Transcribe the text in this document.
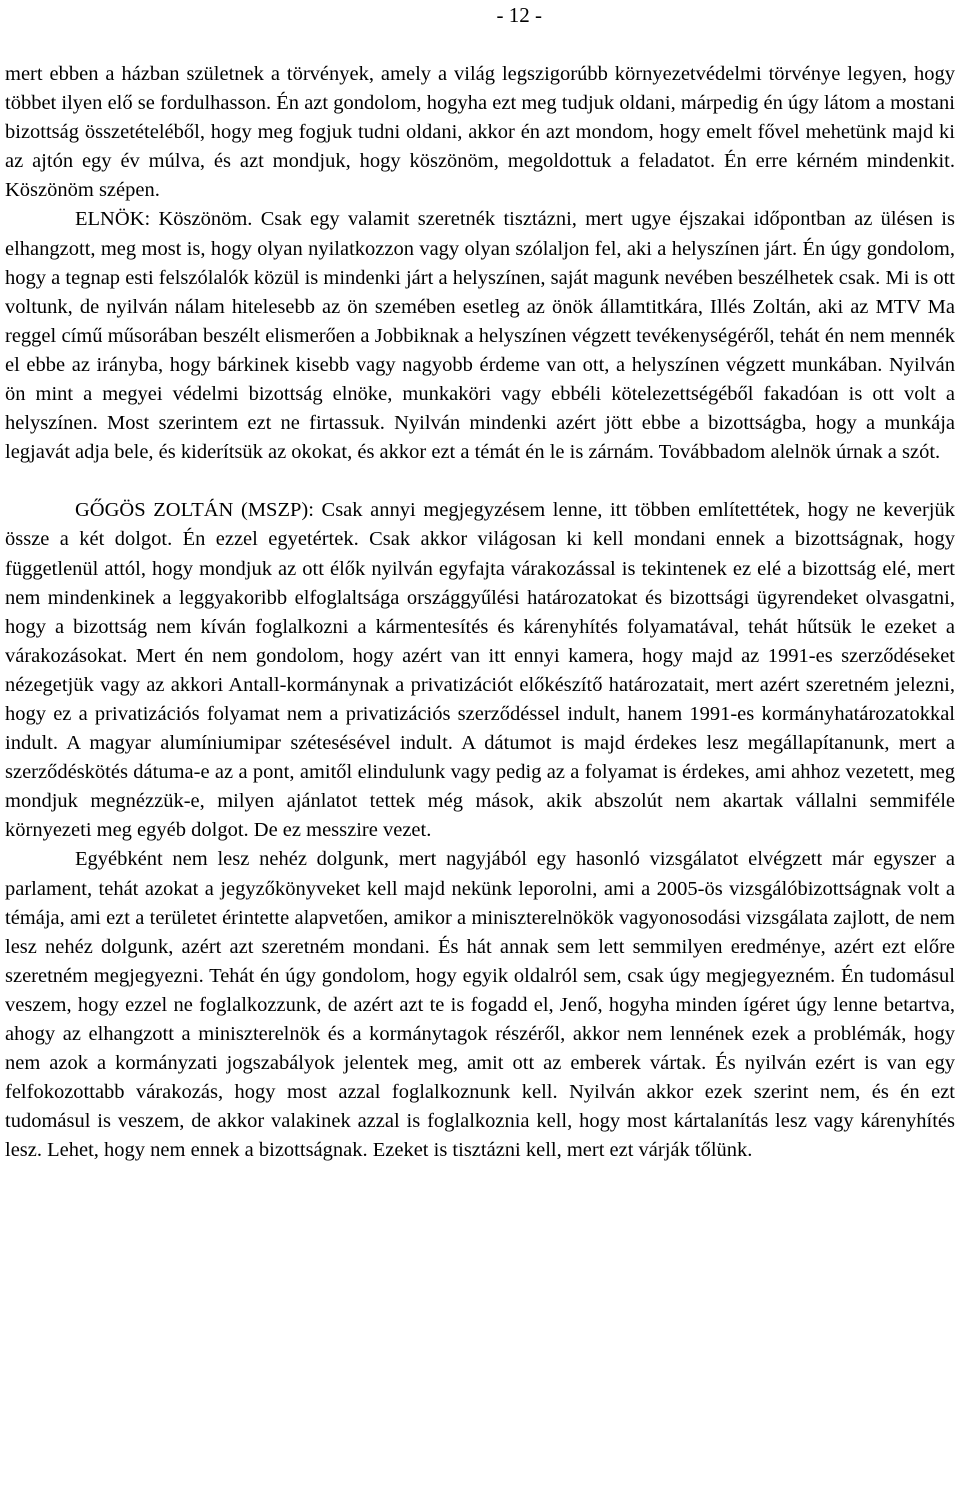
- 12 -

mert ebben a házban születnek a törvények, amely a világ legszigorúbb környezetvédelmi törvénye legyen, hogy többet ilyen elő se fordulhasson. Én azt gondolom, hogyha ezt meg tudjuk oldani, márpedig én úgy látom a mostani bizottság összetételéből, hogy meg fogjuk tudni oldani, akkor én azt mondom, hogy emelt fővel mehetünk majd ki az ajtón egy év múlva, és azt mondjuk, hogy köszönöm, megoldottuk a feladatot. Én erre kérném mindenkit. Köszönöm szépen.

ELNÖK: Köszönöm. Csak egy valamit szeretnék tisztázni, mert ugye éjszakai időpontban az ülésen is elhangzott, meg most is, hogy olyan nyilatkozzon vagy olyan szólaljon fel, aki a helyszínen járt. Én úgy gondolom, hogy a tegnap esti felszólalók közül is mindenki járt a helyszínen, saját magunk nevében beszélhetek csak. Mi is ott voltunk, de nyilván nálam hitelesebb az ön szemében esetleg az önök államtitkára, Illés Zoltán, aki az MTV Ma reggel című műsorában beszélt elismerően a Jobbiknak a helyszínen végzett tevékenységéről, tehát én nem mennék el ebbe az irányba, hogy bárkinek kisebb vagy nagyobb érdeme van ott, a helyszínen végzett munkában. Nyilván ön mint a megyei védelmi bizottság elnöke, munkaköri vagy ebbéli kötelezettségéből fakadóan is ott volt a helyszínen. Most szerintem ezt ne firtassuk. Nyilván mindenki azért jött ebbe a bizottságba, hogy a munkája legjavát adja bele, és kiderítsük az okokat, és akkor ezt a témát én le is zárnám. Továbbadom alelnök úrnak a szót.

GŐGÖS ZOLTÁN (MSZP): Csak annyi megjegyzésem lenne, itt többen említettétek, hogy ne keverjük össze a két dolgot. Én ezzel egyetértek. Csak akkor világosan ki kell mondani ennek a bizottságnak, hogy függetlenül attól, hogy mondjuk az ott élők nyilván egyfajta várakozással is tekintenek ez elé a bizottság elé, mert nem mindenkinek a leggyakoribb elfoglaltsága országgyűlési határozatokat és bizottsági ügyrendeket olvasgatni, hogy a bizottság nem kíván foglalkozni a kármentesítés és kárenyhítés folyamatával, tehát hűtsük le ezeket a várakozásokat. Mert én nem gondolom, hogy azért van itt ennyi kamera, hogy majd az 1991-es szerződéseket nézegetjük vagy az akkori Antall-kormánynak a privatizációt előkészítő határozatait, mert azért szeretném jelezni, hogy ez a privatizációs folyamat nem a privatizációs szerződéssel indult, hanem 1991-es kormányhatározatokkal indult. A magyar alumíniumipar szétesésével indult. A dátumot is majd érdekes lesz megállapítanunk, mert a szerződéskötés dátuma-e az a pont, amitől elindulunk vagy pedig az a folyamat is érdekes, ami ahhoz vezetett, meg mondjuk megnézzük-e, milyen ajánlatot tettek még mások, akik abszolút nem akartak vállalni semmiféle környezeti meg egyéb dolgot. De ez messzire vezet.

Egyébként nem lesz nehéz dolgunk, mert nagyjából egy hasonló vizsgálatot elvégzett már egyszer a parlament, tehát azokat a jegyzőkönyveket kell majd nekünk leporolni, ami a 2005-ös vizsgálóbizottságnak volt a témája, ami ezt a területet érintette alapvetően, amikor a miniszterelnökök vagyonosodási vizsgálata zajlott, de nem lesz nehéz dolgunk, azért azt szeretném mondani. És hát annak sem lett semmilyen eredménye, azért ezt előre szeretném megjegyezni. Tehát én úgy gondolom, hogy egyik oldalról sem, csak úgy megjegyezném. Én tudomásul veszem, hogy ezzel ne foglalkozzunk, de azért azt te is fogadd el, Jenő, hogyha minden ígéret úgy lenne betartva, ahogy az elhangzott a miniszterelnök és a kormánytagok részéről, akkor nem lennének ezek a problémák, hogy nem azok a kormányzati jogszabályok jelentek meg, amit ott az emberek vártak. És nyilván ezért is van egy felfokozottabb várakozás, hogy most azzal foglalkoznunk kell. Nyilván akkor ezek szerint nem, és én ezt tudomásul is veszem, de akkor valakinek azzal is foglalkoznia kell, hogy most kártalanítás lesz vagy kárenyhítés lesz. Lehet, hogy nem ennek a bizottságnak. Ezeket is tisztázni kell, mert ezt várják tőlünk.
